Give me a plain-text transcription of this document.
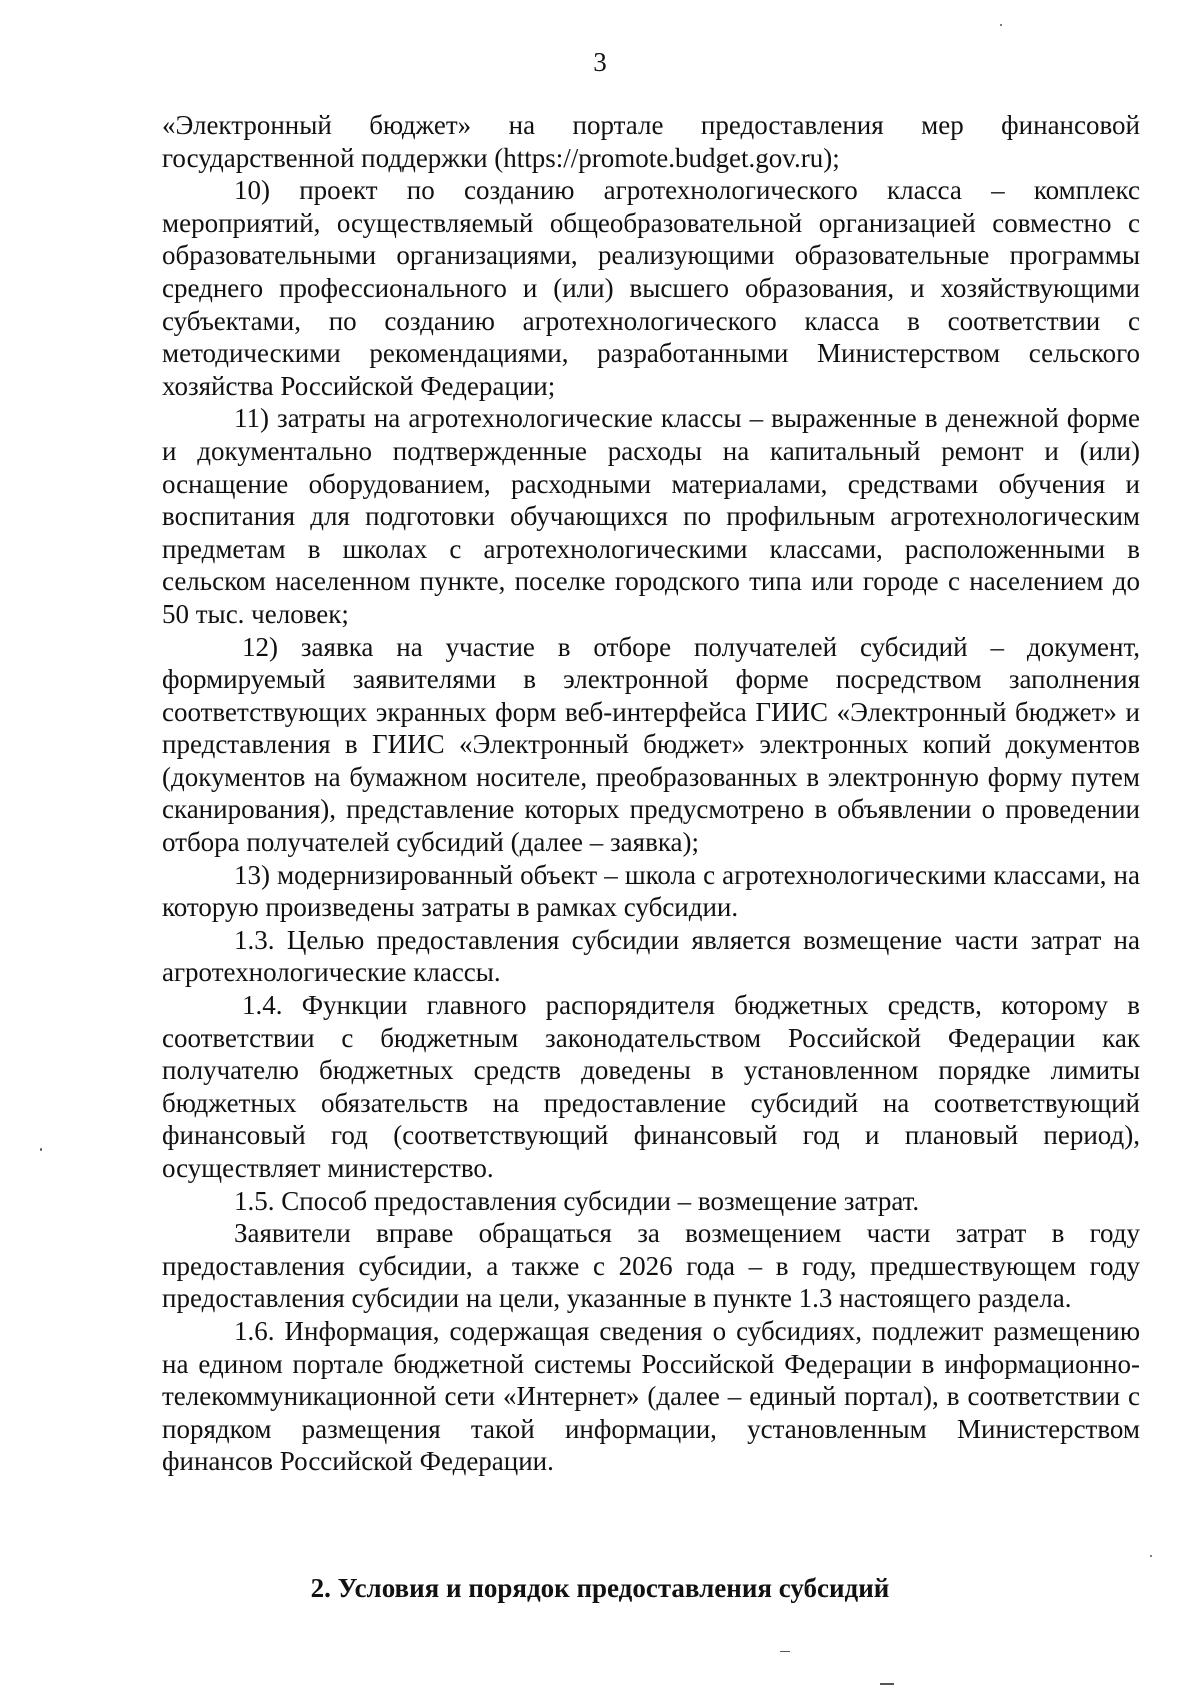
3

«Электронный бюджет» на портале предоставления мер финансовой государственной поддержки (https://promote.budget.gov.ru);

10) проект по созданию агротехнологического класса – комплекс мероприятий, осуществляемый общеобразовательной организацией совместно с образовательными организациями, реализующими образовательные программы среднего профессионального и (или) высшего образования, и хозяйствующими субъектами, по созданию агротехнологического класса в соответствии с методическими рекомендациями, разработанными Министерством сельского хозяйства Российской Федерации;

11) затраты на агротехнологические классы – выраженные в денежной форме и документально подтвержденные расходы на капитальный ремонт и (или) оснащение оборудованием, расходными материалами, средствами обучения и воспитания для подготовки обучающихся по профильным агротехнологическим предметам в школах с агротехнологическими классами, расположенными в сельском населенном пункте, поселке городского типа или городе с населением до 50 тыс. человек;

12) заявка на участие в отборе получателей субсидий – документ, формируемый заявителями в электронной форме посредством заполнения соответствующих экранных форм веб-интерфейса ГИИС «Электронный бюджет» и представления в ГИИС «Электронный бюджет» электронных копий документов (документов на бумажном носителе, преобразованных в электронную форму путем сканирования), представление которых предусмотрено в объявлении о проведении отбора получателей субсидий (далее – заявка);

13) модернизированный объект – школа с агротехнологическими классами, на которую произведены затраты в рамках субсидии.

1.3. Целью предоставления субсидии является возмещение части затрат на агротехнологические классы.

1.4. Функции главного распорядителя бюджетных средств, которому в соответствии с бюджетным законодательством Российской Федерации как получателю бюджетных средств доведены в установленном порядке лимиты бюджетных обязательств на предоставление субсидий на соответствующий финансовый год (соответствующий финансовый год и плановый период), осуществляет министерство.

1.5. Способ предоставления субсидии – возмещение затрат.

Заявители вправе обращаться за возмещением части затрат в году предоставления субсидии, а также с 2026 года – в году, предшествующем году предоставления субсидии на цели, указанные в пункте 1.3 настоящего раздела.

1.6. Информация, содержащая сведения о субсидиях, подлежит размещению на едином портале бюджетной системы Российской Федерации в информационно-телекоммуникационной сети «Интернет» (далее – единый портал), в соответствии с порядком размещения такой информации, установленным Министерством финансов Российской Федерации.

2. Условия и порядок предоставления субсидий
